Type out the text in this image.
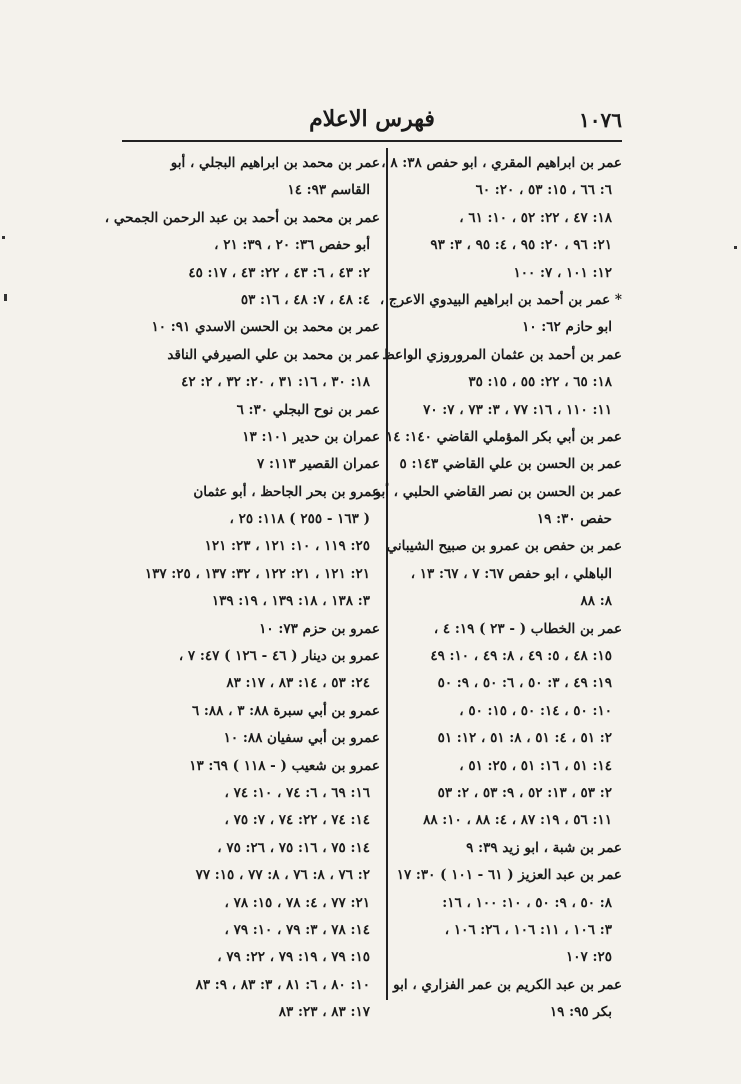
١٠٧٦
فهرس الاعلام
عمر بن ابراهيم المقري ، ابو حفص ٣٨: ٨ ،
٦: ٦٦ ، ١٥: ٥٣ ، ٢٠: ٦٠
١٨: ٤٧ ، ٢٢: ٥٢ ، ١٠: ٦١ ،
٢١: ٩٦ ، ٢٠: ٩٥ ، ٤: ٩٥ ، ٣: ٩٣
١٢: ١٠١ ، ٧: ١٠٠
* عمر بن أحمد بن ابراهيم البيدوي الاعرج ،
ابو حازم ٦٢: ١٠
عمر بن أحمد بن عثمان المروروزي الواعظ ،
١٨: ٦٥ ، ٢٢: ٥٥ ، ١٥: ٣٥
١١: ١١٠ ، ١٦: ٧٧ ، ٣: ٧٣ ، ٧: ٧٠
عمر بن أبي بكر المؤملي القاضي ١٤٠: ١٤
عمر بن الحسن بن علي القاضي ١٤٣: ٥
عمر بن الحسن بن نصر القاضي الحلبي ، أبو
حفص ٣٠: ١٩
عمر بن حفص بن عمرو بن صبيح الشيباني
الباهلي ، ابو حفص ٦٧: ٧ ، ٦٧: ١٣ ،
٨: ٨٨
عمر بن الخطاب ( - ٢٣ ) ١٩: ٤ ،
١٥: ٤٨ ، ٥: ٤٩ ، ٨: ٤٩ ، ١٠: ٤٩
١٩: ٤٩ ، ٣: ٥٠ ، ٦: ٥٠ ، ٩: ٥٠
١٠: ٥٠ ، ١٤: ٥٠ ، ١٥: ٥٠ ،
٢: ٥١ ، ٤: ٥١ ، ٨: ٥١ ، ١٢: ٥١
١٤: ٥١ ، ١٦: ٥١ ، ٢٥: ٥١ ،
٢: ٥٣ ، ١٣: ٥٢ ، ٩: ٥٣ ، ٢: ٥٣
١١: ٥٦ ، ١٩: ٨٧ ، ٤: ٨٨ ، ١٠: ٨٨
عمر بن شبة ، ابو زيد ٣٩: ٩
عمر بن عبد العزيز ( ٦١ - ١٠١ ) ٣٠: ١٧
٨: ٥٠ ، ٩: ٥٠ ، ١٠: ١٠٠ ، ١٦:
٣: ١٠٦ ، ١١: ١٠٦ ، ٢٦: ١٠٦ ،
٢٥: ١٠٧
عمر بن عبد الكريم بن عمر الفزاري ، ابو
بكر ٩٥: ١٩
عمر بن محمد بن ابراهيم البجلي ، أبو
القاسم ٩٣: ١٤
عمر بن محمد بن أحمد بن عبد الرحمن الجمحي ،
أبو حفص ٣٦: ٢٠ ، ٣٩: ٢١ ،
٢: ٤٣ ، ٦: ٤٣ ، ٢٢: ٤٣ ، ١٧: ٤٥
٤: ٤٨ ، ٧: ٤٨ ، ١٦: ٥٣
عمر بن محمد بن الحسن الاسدي ٩١: ١٠
عمر بن محمد بن علي الصيرفي الناقد
١٨: ٣٠ ، ١٦: ٣١ ، ٢٠: ٣٢ ، ٢: ٤٢
عمر بن نوح البجلي ٣٠: ٦
عمران بن حدير ١٠١: ١٣
عمران القصير ١١٣: ٧
عمرو بن بحر الجاحظ ، أبو عثمان
( ١٦٣ - ٢٥٥ ) ١١٨: ٢٥ ،
٢٥: ١١٩ ، ١٠: ١٢١ ، ٢٣: ١٢١
٢١: ١٢١ ، ٢١: ١٢٢ ، ٣٢: ١٣٧ ، ٢٥: ١٣٧
٣: ١٣٨ ، ١٨: ١٣٩ ، ١٩: ١٣٩
عمرو بن حزم ٧٣: ١٠
عمرو بن دينار ( ٤٦ - ١٢٦ ) ٤٧: ٧ ،
٢٤: ٥٣ ، ١٤: ٨٣ ، ١٧: ٨٣
عمرو بن أبي سبرة ٨٨: ٣ ، ٨٨: ٦
عمرو بن أبي سفيان ٨٨: ١٠
عمرو بن شعيب ( - ١١٨ ) ٦٩: ١٣
١٦: ٦٩ ، ٦: ٧٤ ، ١٠: ٧٤ ،
١٤: ٧٤ ، ٢٢: ٧٤ ، ٧: ٧٥ ،
١٤: ٧٥ ، ١٦: ٧٥ ، ٢٦: ٧٥ ،
٢: ٧٦ ، ٨: ٧٦ ، ٨: ٧٧ ، ١٥: ٧٧
٢١: ٧٧ ، ٤: ٧٨ ، ١٥: ٧٨ ،
١٤: ٧٨ ، ٣: ٧٩ ، ١٠: ٧٩ ،
١٥: ٧٩ ، ١٩: ٧٩ ، ٢٢: ٧٩ ،
١٠: ٨٠ ، ٦: ٨١ ، ٣: ٨٣ ، ٩: ٨٣
١٧: ٨٣ ، ٢٣: ٨٣
